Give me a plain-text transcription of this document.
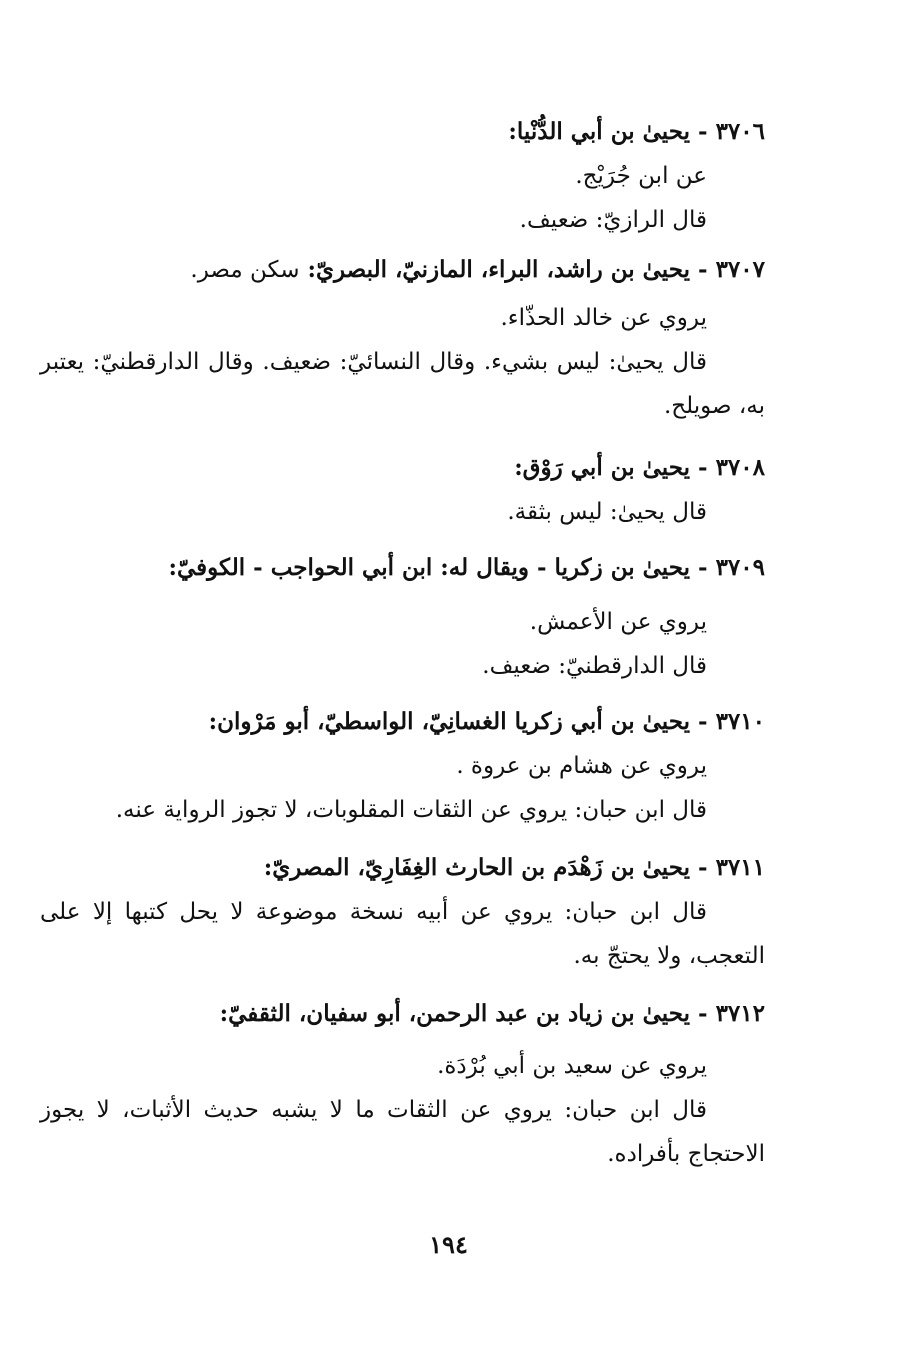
٣٧٠٦ - يحيىٰ بن أبي الدُّنْيا:
عن ابن جُرَيْج.
قال الرازيّ: ضعيف.
٣٧٠٧ - يحيىٰ بن راشد، البراء، المازنيّ، البصريّ: سكن مصر.
يروي عن خالد الحذّاء.

قال يحيىٰ: ليس بشيء. وقال النسائيّ: ضعيف. وقال الدارقطنيّ: يعتبر به، صويلح.

٣٧٠٨ - يحيىٰ بن أبي رَوْق:
قال يحيىٰ: ليس بثقة.
٣٧٠٩ - يحيىٰ بن زكريا - ويقال له: ابن أبي الحواجب - الكوفيّ:
يروي عن الأعمش.
قال الدارقطنيّ: ضعيف.
٣٧١٠ - يحيىٰ بن أبي زكريا الغسانِيّ، الواسطيّ، أبو مَرْوان:
يروي عن هشام بن عروة .
قال ابن حبان: يروي عن الثقات المقلوبات، لا تجوز الرواية عنه.
٣٧١١ - يحيىٰ بن زَهْدَم بن الحارث الغِفَارِيّ، المصريّ:

قال ابن حبان: يروي عن أبيه نسخة موضوعة لا يحل كتبها إلا على التعجب، ولا يحتجّ به.

٣٧١٢ - يحيىٰ بن زياد بن عبد الرحمن، أبو سفيان، الثقفيّ:
يروي عن سعيد بن أبي بُرْدَة.

قال ابن حبان: يروي عن الثقات ما لا يشبه حديث الأثبات، لا يجوز الاحتجاج بأفراده.

١٩٤
